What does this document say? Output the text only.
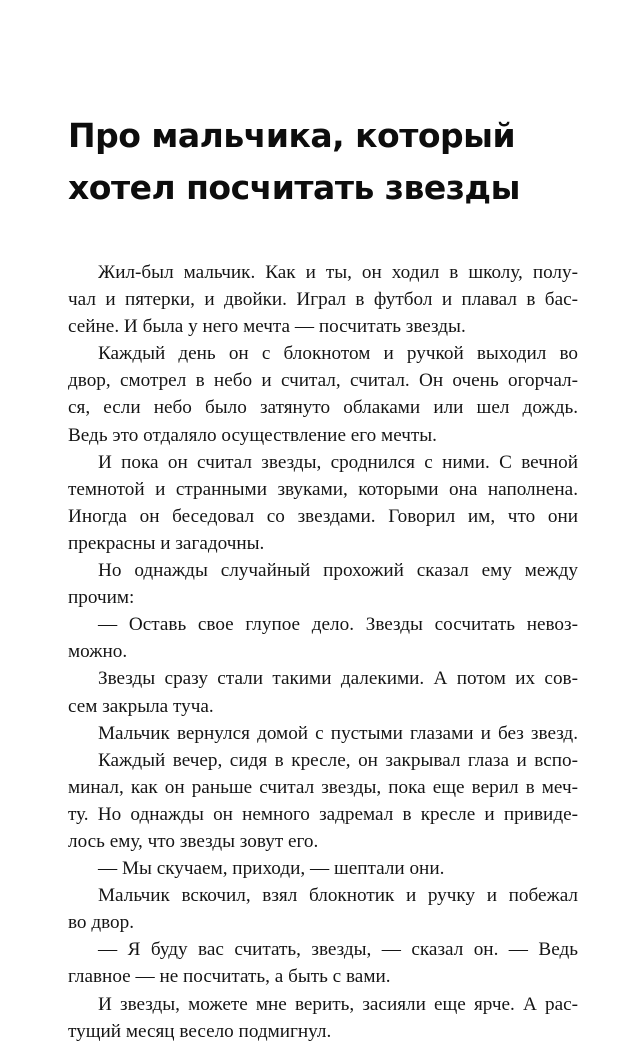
Про мальчика, который
хотел посчитать звезды
Жил-был мальчик. Как и ты, он ходил в школу, полу-
чал и пятерки, и двойки. Играл в футбол и плавал в бас-
сейне. И была у него мечта — посчитать звезды.
Каждый день он с блокнотом и ручкой выходил во
двор, смотрел в небо и считал, считал. Он очень огорчал-
ся, если небо было затянуто облаками или шел дождь.
Ведь это отдаляло осуществление его мечты.
И пока он считал звезды, сроднился с ними. С вечной
темнотой и странными звуками, которыми она наполнена.
Иногда он беседовал со звездами. Говорил им, что они
прекрасны и загадочны.
Но однажды случайный прохожий сказал ему между
прочим:
— Оставь свое глупое дело. Звезды сосчитать невоз-
можно.
Звезды сразу стали такими далекими. А потом их сов-
сем закрыла туча.
Мальчик вернулся домой с пустыми глазами и без звезд.
Каждый вечер, сидя в кресле, он закрывал глаза и вспо-
минал, как он раньше считал звезды, пока еще верил в меч-
ту. Но однажды он немного задремал в кресле и привиде-
лось ему, что звезды зовут его.
— Мы скучаем, приходи, — шептали они.
Мальчик вскочил, взял блокнотик и ручку и побежал
во двор.
— Я буду вас считать, звезды, — сказал он. — Ведь
главное — не посчитать, а быть с вами.
И звезды, можете мне верить, засияли еще ярче. А рас-
тущий месяц весело подмигнул.
